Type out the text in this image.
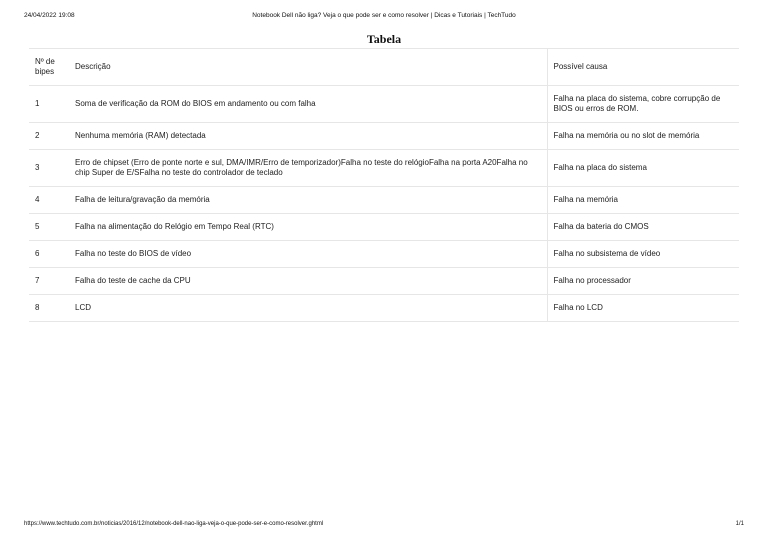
24/04/2022 19:08	Notebook Dell não liga? Veja o que pode ser e como resolver | Dicas e Tutoriais | TechTudo
Tabela
Nº de bipes	Descrição	Possível causa
1	Soma de verificação da ROM do BIOS em andamento ou com falha	Falha na placa do sistema, cobre corrupção de BIOS ou erros de ROM.
2	Nenhuma memória (RAM) detectada	Falha na memória ou no slot de memória
3	Erro de chipset (Erro de ponte norte e sul, DMA/IMR/Erro de temporizador)Falha no teste do relógioFalha na porta A20Falha no chip Super de E/SFalha no teste do controlador de teclado	Falha na placa do sistema
4	Falha de leitura/gravação da memória	Falha na memória
5	Falha na alimentação do Relógio em Tempo Real (RTC)	Falha da bateria do CMOS
6	Falha no teste do BIOS de vídeo	Falha no subsistema de vídeo
7	Falha do teste de cache da CPU	Falha no processador
8	LCD	Falha no LCD
https://www.techtudo.com.br/noticias/2016/12/notebook-dell-nao-liga-veja-o-que-pode-ser-e-como-resolver.ghtml	1/1
